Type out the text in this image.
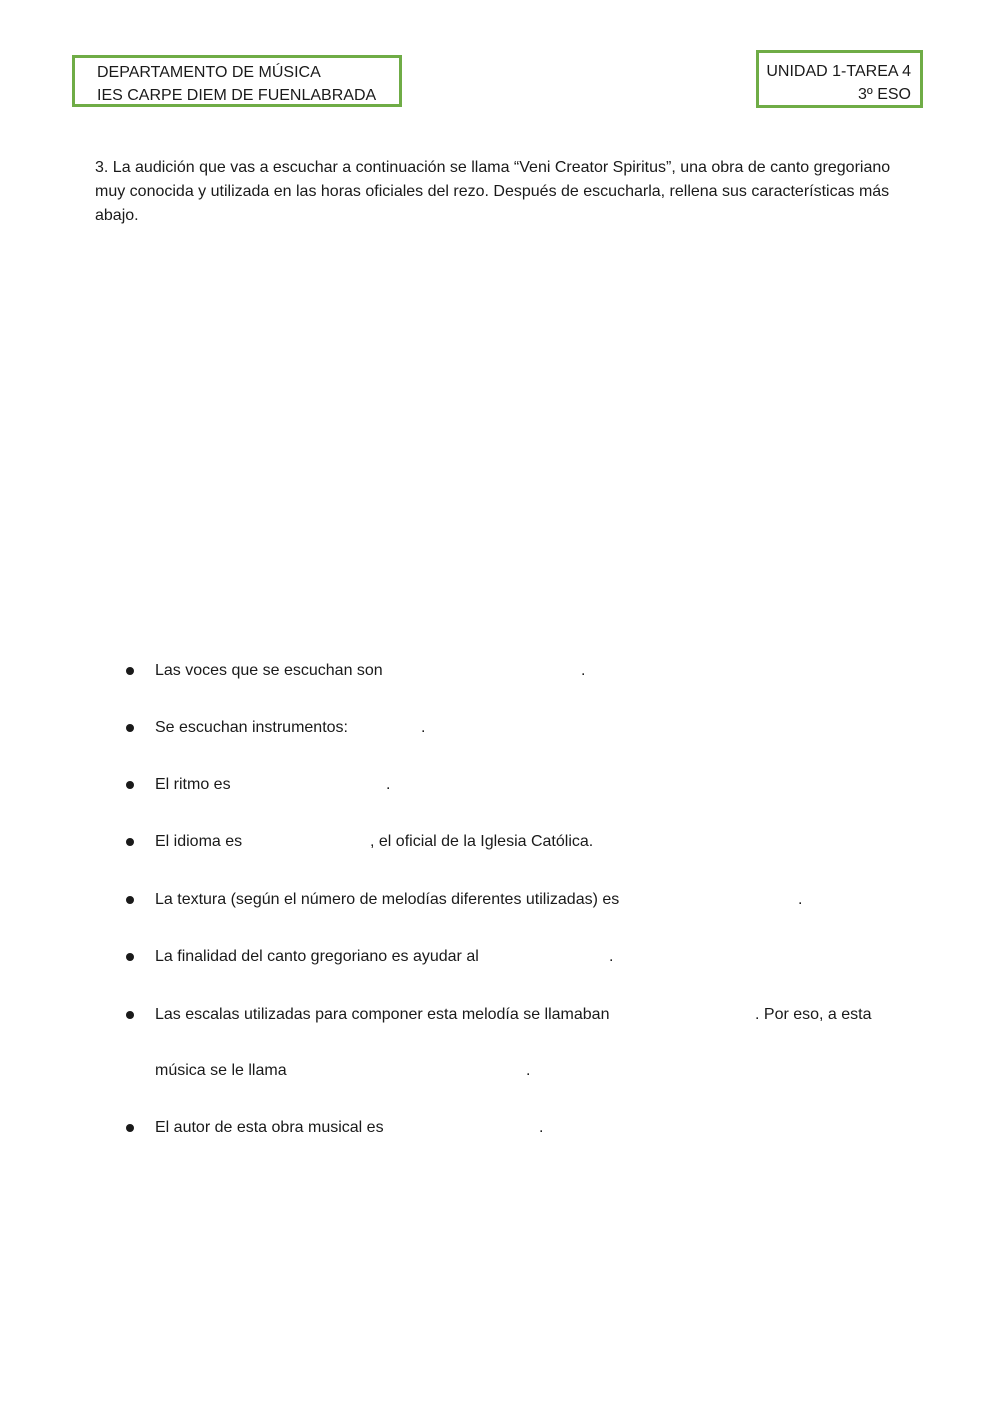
DEPARTAMENTO DE MÚSICA
IES CARPE DIEM DE FUENLABRADA
UNIDAD 1-TAREA 4
3º ESO
3. La audición que vas a escuchar a continuación se llama “Veni Creator Spiritus”, una obra de canto gregoriano muy conocida y utilizada en las horas oficiales del rezo. Después de escucharla, rellena sus características más abajo.
Las voces que se escuchan son	.
Se escuchan instrumentos:	.
El ritmo es	.
El idioma es	, el oficial de la Iglesia Católica.
La textura (según el número de melodías diferentes utilizadas) es	.
La finalidad del canto gregoriano es ayudar al	.
Las escalas utilizadas para componer esta melodía se llamaban	. Por eso, a esta
música se le llama	.
El autor de esta obra musical es	.
